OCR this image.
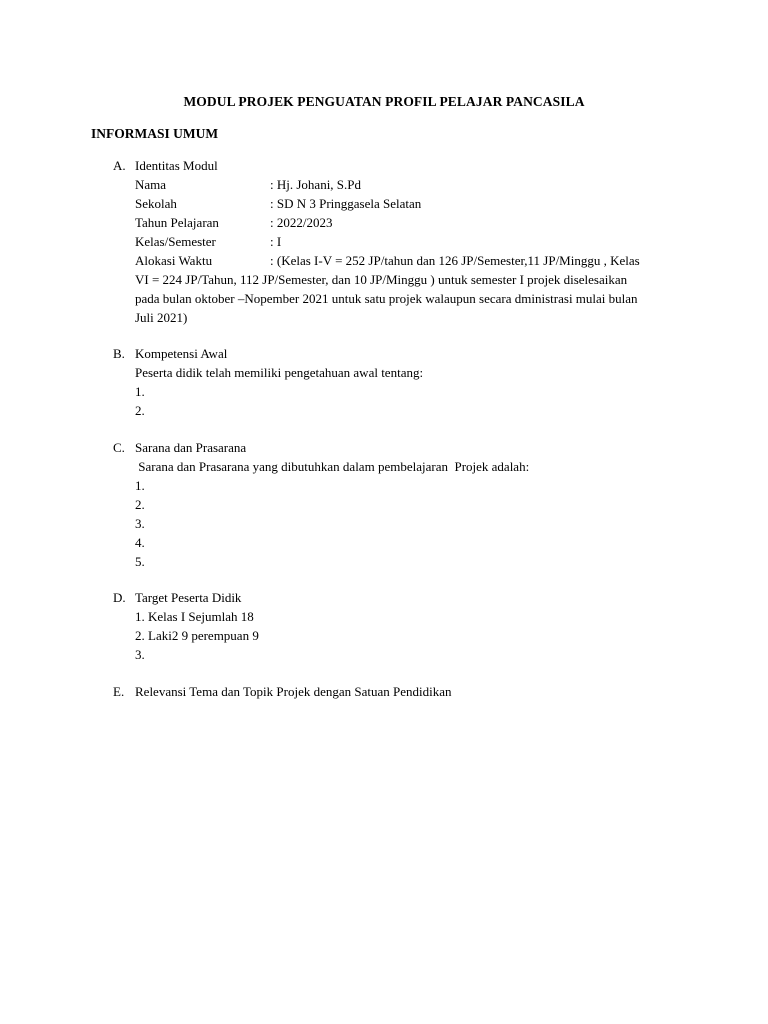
MODUL PROJEK PENGUATAN PROFIL PELAJAR PANCASILA
INFORMASI UMUM
A. Identitas Modul
Nama	: Hj. Johani, S.Pd
Sekolah	: SD N 3 Pringgasela Selatan
Tahun Pelajaran	: 2022/2023
Kelas/Semester	: I
Alokasi Waktu	: (Kelas I-V = 252 JP/tahun dan 126 JP/Semester,11 JP/Minggu , Kelas
VI = 224 JP/Tahun, 112 JP/Semester, dan 10 JP/Minggu ) untuk semester I projek diselesaikan
pada bulan oktober –Nopember 2021 untuk satu projek walaupun secara dministrasi mulai bulan
Juli 2021)
B. Kompetensi Awal
Peserta didik telah memiliki pengetahuan awal tentang:
1.
2.
C. Sarana dan Prasarana
Sarana dan Prasarana yang dibutuhkan dalam pembelajaran  Projek adalah:
1.
2.
3.
4.
5.
D. Target Peserta Didik
1. Kelas I Sejumlah 18
2. Laki2 9 perempuan 9
3.
E. Relevansi Tema dan Topik Projek dengan Satuan Pendidikan
